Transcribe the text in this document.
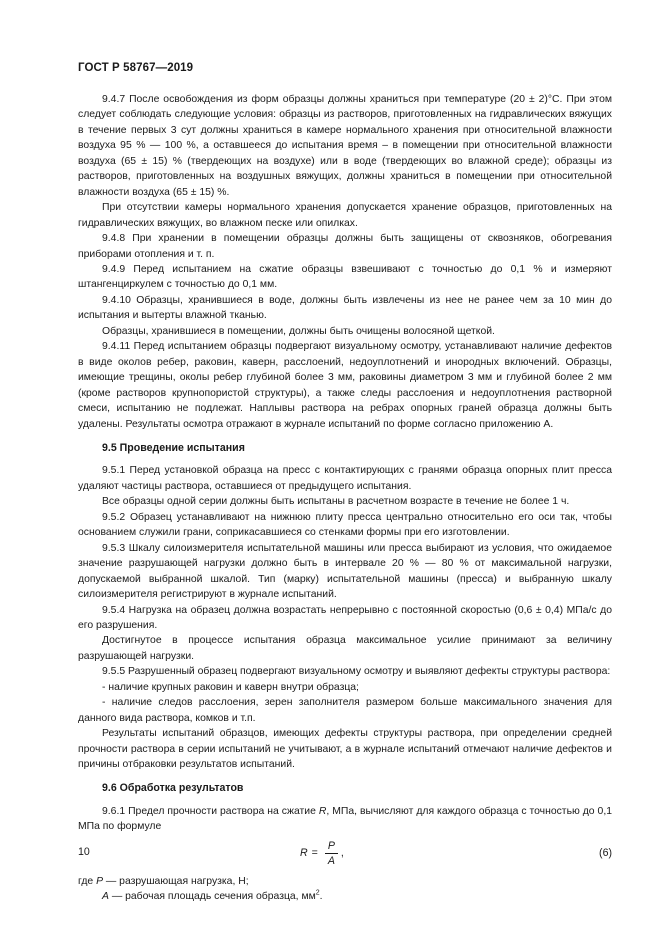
ГОСТ Р 58767—2019

9.4.7 После освобождения из форм образцы должны храниться при температуре (20 ± 2)°С. При этом следует соблюдать следующие условия: образцы из растворов, приготовленных на гидравлических вяжущих в течение первых 3 сут должны храниться в камере нормального хранения при относительной влажности воздуха 95 % — 100 %, а оставшееся до испытания время – в помещении при относительной влажности воздуха (65 ± 15) % (твердеющих на воздухе) или в воде (твердеющих во влажной среде); образцы из растворов, приготовленных на воздушных вяжущих, должны храниться в помещении при относительной влажности воздуха (65 ± 15) %.

При отсутствии камеры нормального хранения допускается хранение образцов, приготовленных на гидравлических вяжущих, во влажном песке или опилках.

9.4.8 При хранении в помещении образцы должны быть защищены от сквозняков, обогревания приборами отопления и т. п.

9.4.9 Перед испытанием на сжатие образцы взвешивают с точностью до 0,1 % и измеряют штангенциркулем с точностью до 0,1 мм.

9.4.10 Образцы, хранившиеся в воде, должны быть извлечены из нее не ранее чем за 10 мин до испытания и вытерты влажной тканью.

Образцы, хранившиеся в помещении, должны быть очищены волосяной щеткой.

9.4.11 Перед испытанием образцы подвергают визуальному осмотру, устанавливают наличие дефектов в виде околов ребер, раковин, каверн, расслоений, недоуплотнений и инородных включений. Образцы, имеющие трещины, околы ребер глубиной более 3 мм, раковины диаметром 3 мм и глубиной более 2 мм (кроме растворов крупнопористой структуры), а также следы расслоения и недоуплотнения растворной смеси, испытанию не подлежат. Наплывы раствора на ребрах опорных граней образца должны быть удалены. Результаты осмотра отражают в журнале испытаний по форме согласно приложению А.

9.5 Проведение испытания

9.5.1 Перед установкой образца на пресс с контактирующих с гранями образца опорных плит пресса удаляют частицы раствора, оставшиеся от предыдущего испытания.

Все образцы одной серии должны быть испытаны в расчетном возрасте в течение не более 1 ч.

9.5.2 Образец устанавливают на нижнюю плиту пресса центрально относительно его оси так, чтобы основанием служили грани, соприкасавшиеся со стенками формы при его изготовлении.

9.5.3 Шкалу силоизмерителя испытательной машины или пресса выбирают из условия, что ожидаемое значение разрушающей нагрузки должно быть в интервале 20 % — 80 % от максимальной нагрузки, допускаемой выбранной шкалой. Тип (марку) испытательной машины (пресса) и выбранную шкалу силоизмерителя регистрируют в журнале испытаний.

9.5.4 Нагрузка на образец должна возрастать непрерывно с постоянной скоростью (0,6 ± 0,4) МПа/с до его разрушения.

Достигнутое в процессе испытания образца максимальное усилие принимают за величину разрушающей нагрузки.

9.5.5 Разрушенный образец подвергают визуальному осмотру и выявляют дефекты структуры раствора:

- наличие крупных раковин и каверн внутри образца;

- наличие следов расслоения, зерен заполнителя размером больше максимального значения для данного вида раствора, комков и т.п.

Результаты испытаний образцов, имеющих дефекты структуры раствора, при определении средней прочности раствора в серии испытаний не учитывают, а в журнале испытаний отмечают наличие дефектов и причины отбраковки результатов испытаний.

9.6 Обработка результатов

9.6.1 Предел прочности раствора на сжатие R, МПа, вычисляют для каждого образца с точностью до 0,1 МПа по формуле

$R = \frac{P}{A}$ ,	(6)

где P — разрушающая нагрузка, Н;

A — рабочая площадь сечения образца, $мм^2$.

10
